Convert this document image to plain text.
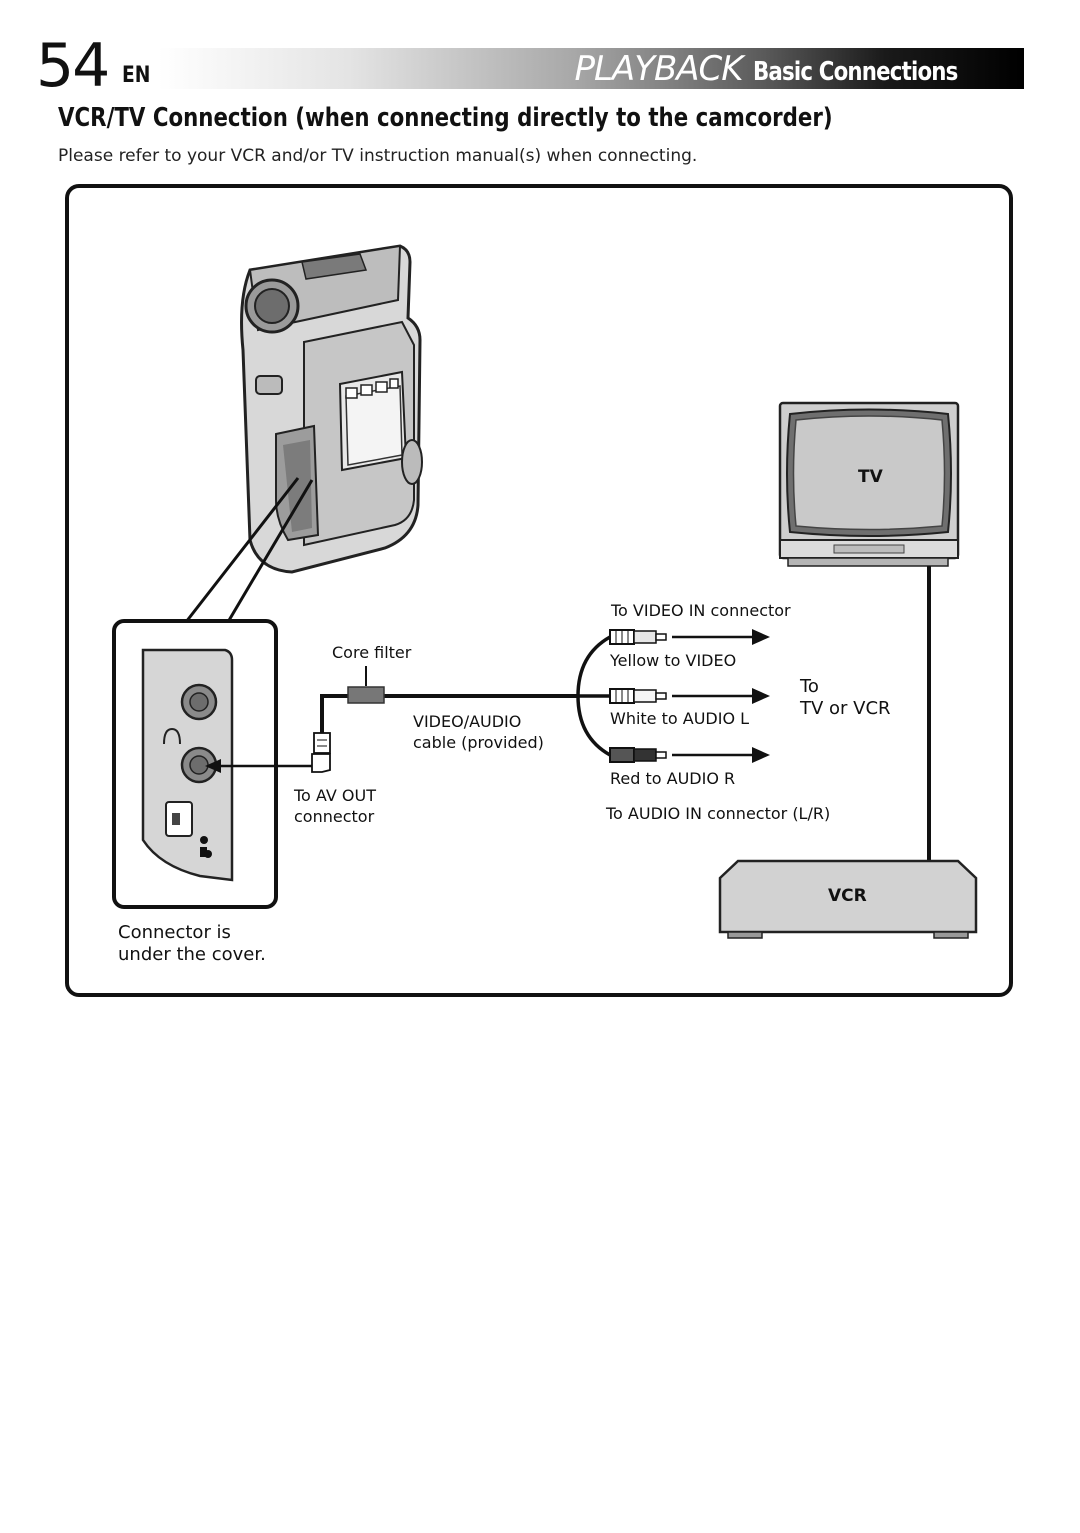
54 EN	PLAYBACK Basic Connections
VCR/TV Connection (when connecting directly to the camcorder)
Please refer to your VCR and/or TV instruction manual(s) when connecting.
TV
VCR
Core filter
VIDEO/AUDIO
cable (provided)
To AV OUT
connector
Connector is
under the cover.
To VIDEO IN connector
Yellow to VIDEO
White to AUDIO L
Red to AUDIO R
To AUDIO IN connector (L/R)
To
TV or VCR
